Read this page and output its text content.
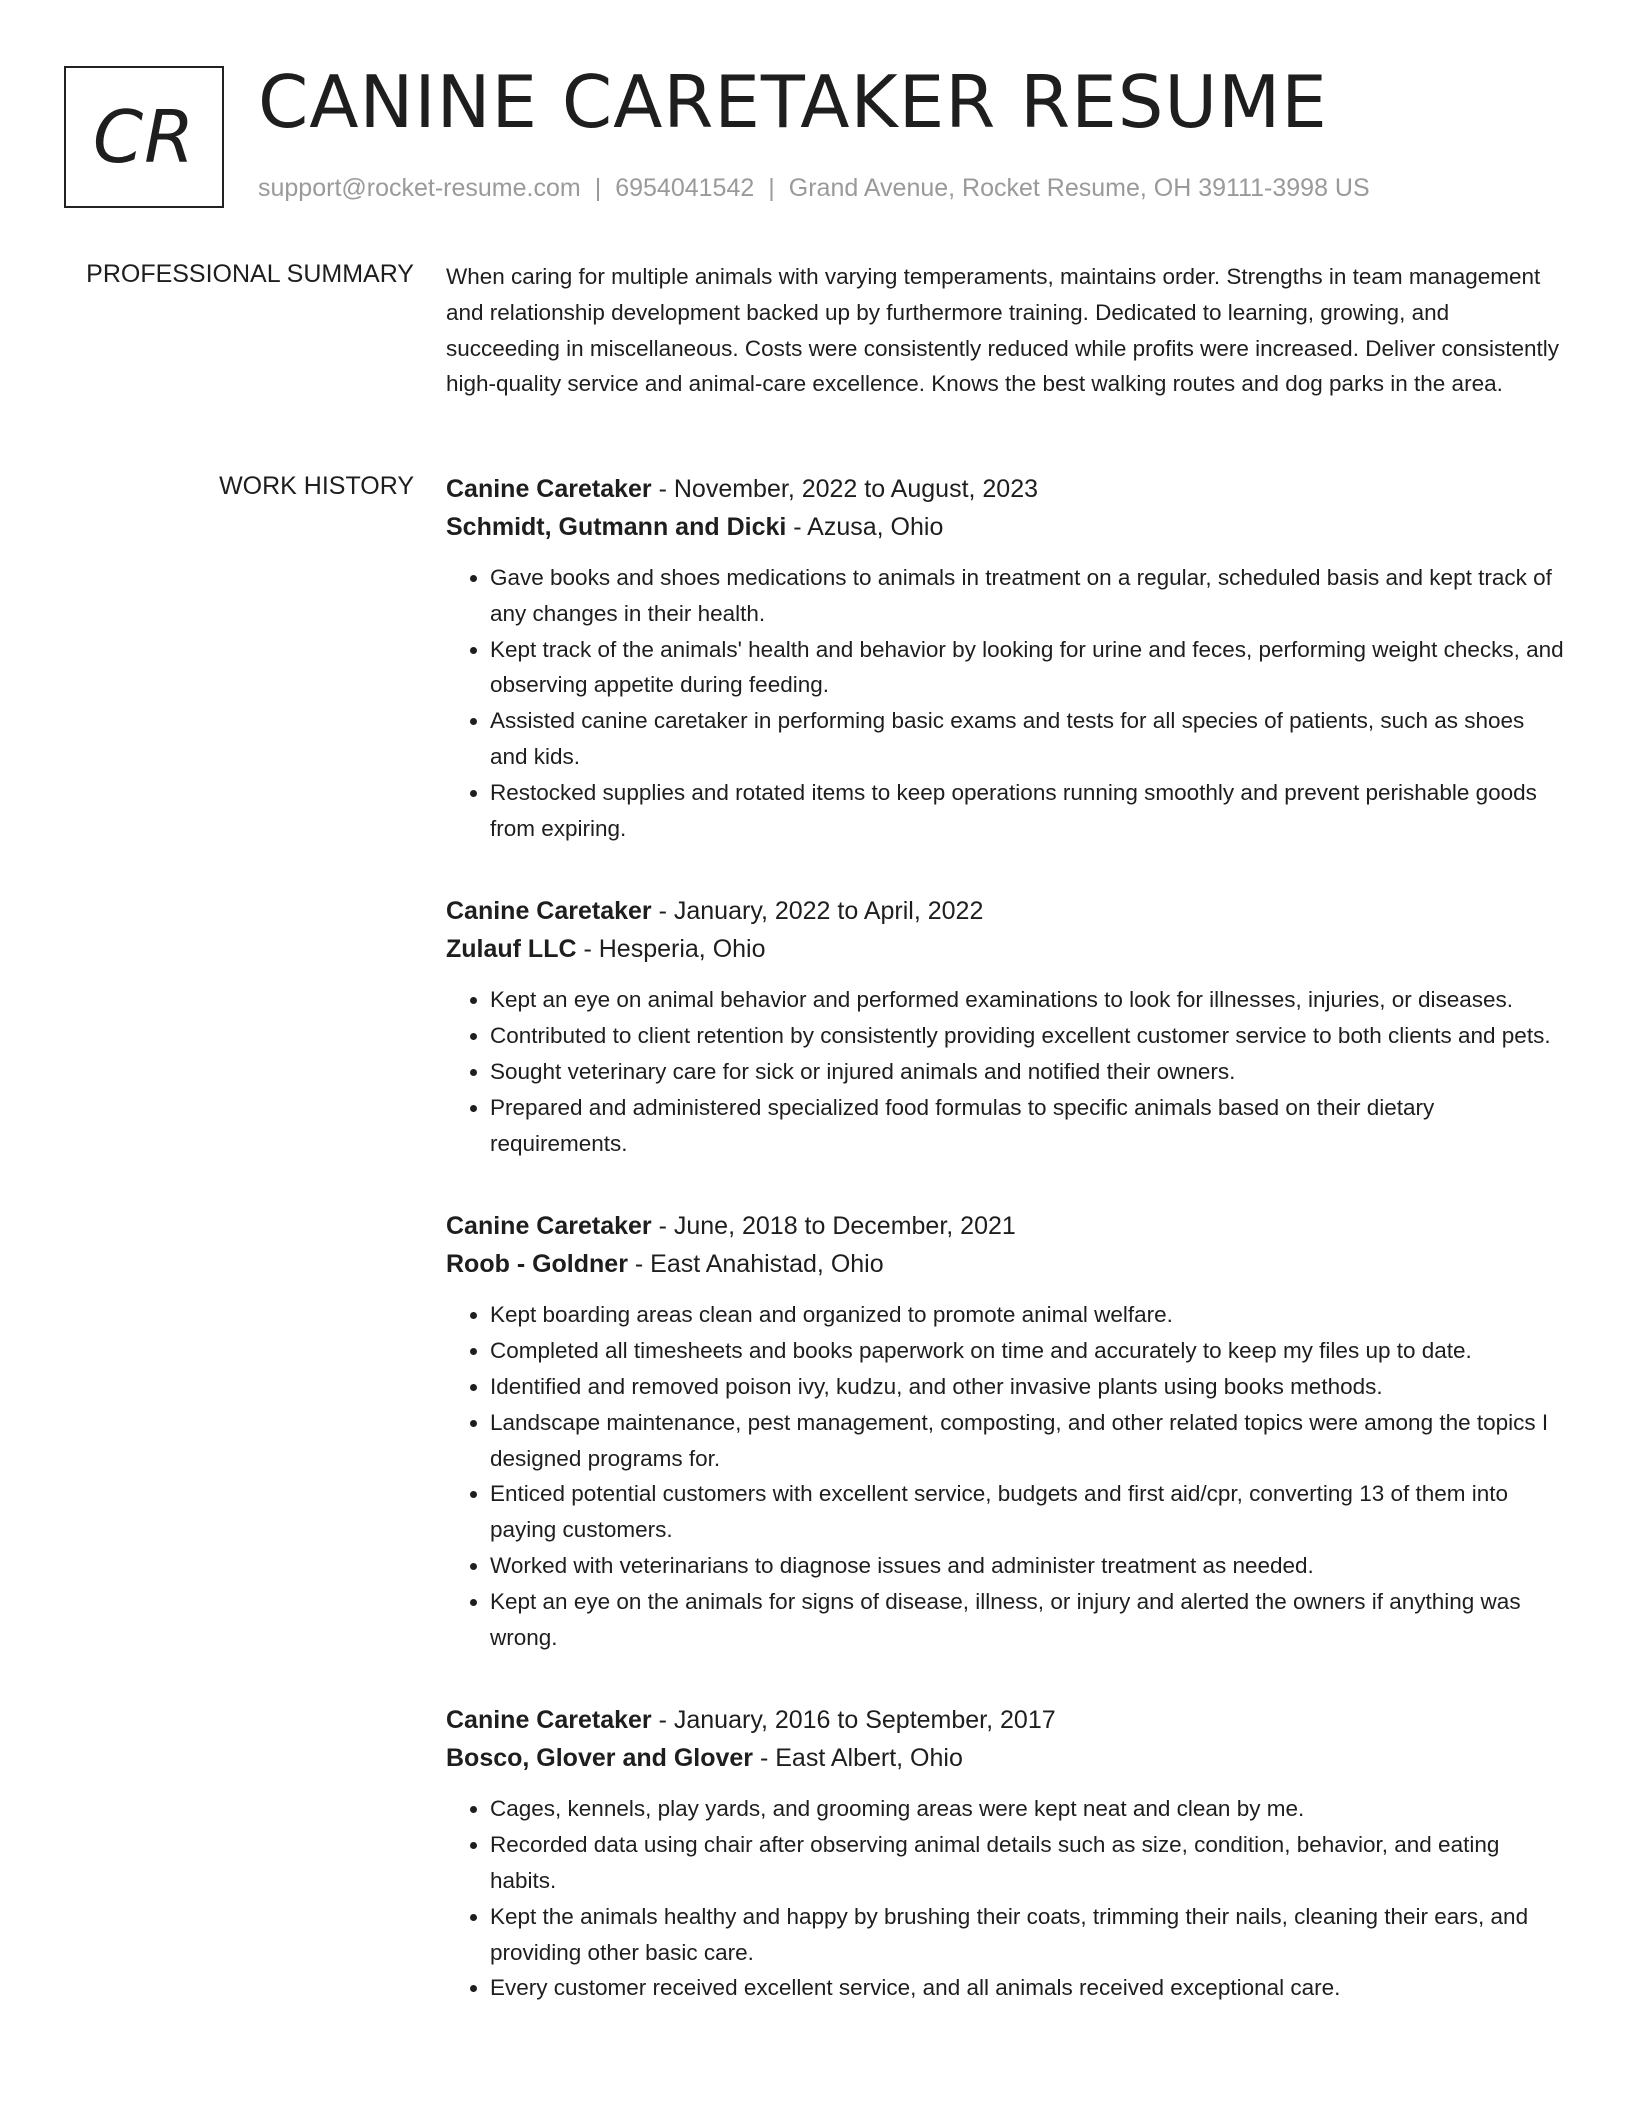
CR CANINE CARETAKER RESUME
support@rocket-resume.com | 6954041542 | Grand Avenue, Rocket Resume, OH 39111-3998 US
PROFESSIONAL SUMMARY When caring for multiple animals with varying temperaments, maintains order. Strengths in team management and relationship development backed up by furthermore training. Dedicated to learning, growing, and succeeding in miscellaneous. Costs were consistently reduced while profits were increased. Deliver consistently high-quality service and animal-care excellence. Knows the best walking routes and dog parks in the area.

WORK HISTORY Canine Caretaker - November, 2022 to August, 2023
Schmidt, Gutmann and Dicki - Azusa, Ohio
• Gave books and shoes medications to animals in treatment on a regular, scheduled basis and kept track of any changes in their health.
• Kept track of the animals' health and behavior by looking for urine and feces, performing weight checks, and observing appetite during feeding.
• Assisted canine caretaker in performing basic exams and tests for all species of patients, such as shoes and kids.
• Restocked supplies and rotated items to keep operations running smoothly and prevent perishable goods from expiring.
Canine Caretaker - January, 2022 to April, 2022
Zulauf LLC - Hesperia, Ohio
• Kept an eye on animal behavior and performed examinations to look for illnesses, injuries, or diseases.
• Contributed to client retention by consistently providing excellent customer service to both clients and pets.
• Sought veterinary care for sick or injured animals and notified their owners.
• Prepared and administered specialized food formulas to specific animals based on their dietary requirements.
Canine Caretaker - June, 2018 to December, 2021
Roob - Goldner - East Anahistad, Ohio
• Kept boarding areas clean and organized to promote animal welfare.
• Completed all timesheets and books paperwork on time and accurately to keep my files up to date.
• Identified and removed poison ivy, kudzu, and other invasive plants using books methods.
• Landscape maintenance, pest management, composting, and other related topics were among the topics I designed programs for.
• Enticed potential customers with excellent service, budgets and first aid/cpr, converting 13 of them into paying customers.
• Worked with veterinarians to diagnose issues and administer treatment as needed.
• Kept an eye on the animals for signs of disease, illness, or injury and alerted the owners if anything was wrong.
Canine Caretaker - January, 2016 to September, 2017
Bosco, Glover and Glover - East Albert, Ohio
• Cages, kennels, play yards, and grooming areas were kept neat and clean by me.
• Recorded data using chair after observing animal details such as size, condition, behavior, and eating habits.
• Kept the animals healthy and happy by brushing their coats, trimming their nails, cleaning their ears, and providing other basic care.
• Every customer received excellent service, and all animals received exceptional care.
